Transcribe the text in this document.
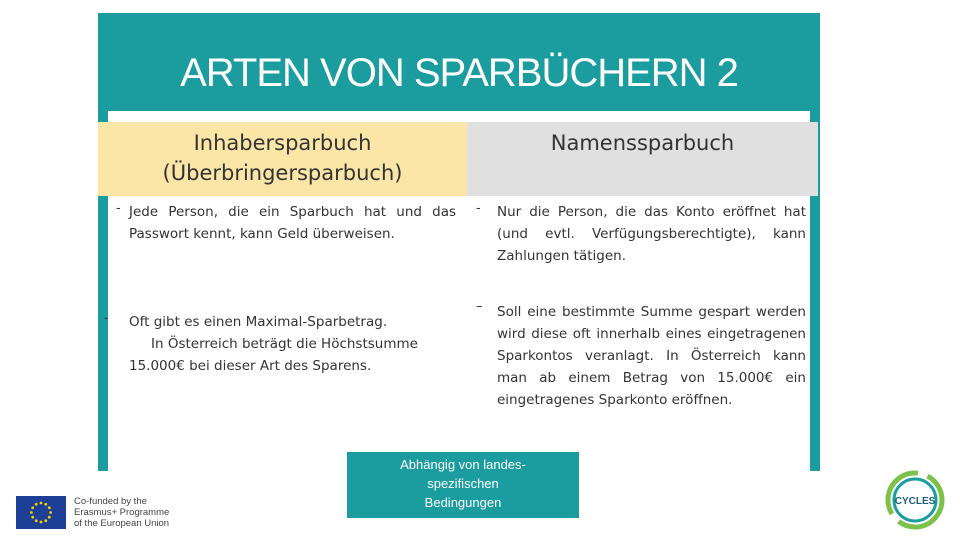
ARTEN VON SPARBÜCHERN 2
Inhabersparbuch
(Überbringersparbuch)
Namenssparbuch
- Jede Person, die ein Sparbuch hat und das Passwort kennt, kann Geld überweisen.
- Nur die Person, die das Konto eröffnet hat (und evtl. Verfügungsberechtigte), kann Zahlungen tätigen.
- Oft gibt es einen Maximal-Sparbetrag.
In Österreich beträgt die Höchstsumme
15.000€ bei dieser Art des Sparens.
– Soll eine bestimmte Summe gespart werden wird diese oft innerhalb eines eingetragenen Sparkontos veranlagt. In Österreich kann man ab einem Betrag von 15.000€ ein eingetragenes Sparkonto eröffnen.
Abhängig von landes-
spezifischen
Bedingungen
Co-funded by the
Erasmus+ Programme
of the European Union
CYCLES
